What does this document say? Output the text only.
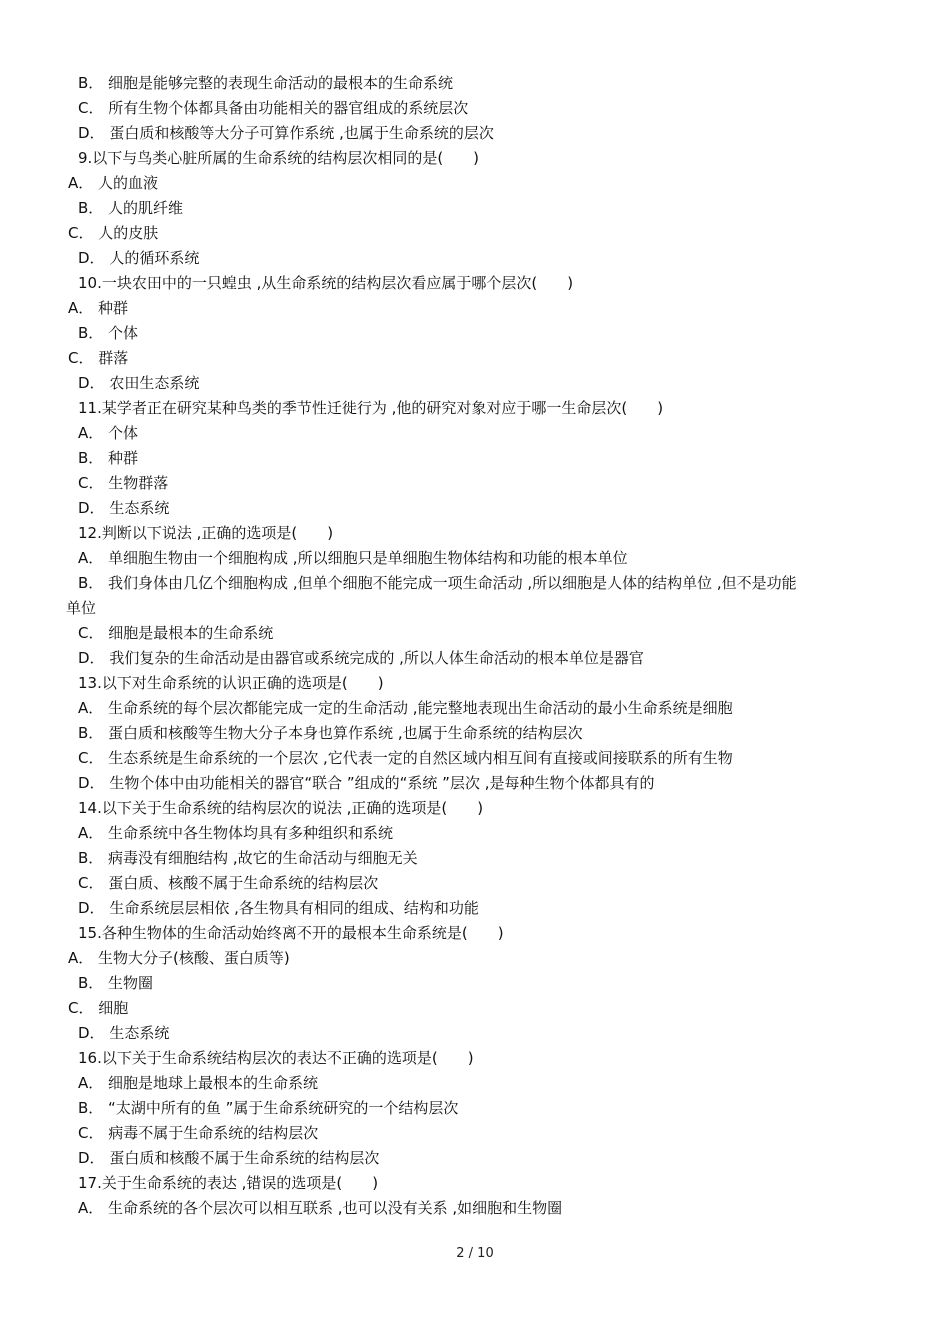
B． 细胞是能够完整的表现生命活动的最根本的生命系统
C． 所有生物个体都具备由功能相关的器官组成的系统层次
D． 蛋白质和核酸等大分子可算作系统 ,也属于生命系统的层次
9.以下与鸟类心脏所属的生命系统的结构层次相同的是(　　)
A． 人的血液
B． 人的肌纤维
C． 人的皮肤
D． 人的循环系统
10.一块农田中的一只蝗虫 ,从生命系统的结构层次看应属于哪个层次(　　)
A． 种群
B． 个体
C． 群落
D． 农田生态系统
11.某学者正在研究某种鸟类的季节性迁徙行为 ,他的研究对象对应于哪一生命层次(　　)
A． 个体
B． 种群
C． 生物群落
D． 生态系统
12.判断以下说法 ,正确的选项是(　　)
A． 单细胞生物由一个细胞构成 ,所以细胞只是单细胞生物体结构和功能的根本单位
B． 我们身体由几亿个细胞构成 ,但单个细胞不能完成一项生命活动 ,所以细胞是人体的结构单位 ,但不是功能
单位
C． 细胞是最根本的生命系统
D． 我们复杂的生命活动是由器官或系统完成的 ,所以人体生命活动的根本单位是器官
13.以下对生命系统的认识正确的选项是(　　)
A． 生命系统的每个层次都能完成一定的生命活动 ,能完整地表现出生命活动的最小生命系统是细胞
B． 蛋白质和核酸等生物大分子本身也算作系统 ,也属于生命系统的结构层次
C． 生态系统是生命系统的一个层次 ,它代表一定的自然区域内相互间有直接或间接联系的所有生物
D． 生物个体中由功能相关的器官“联合 ”组成的“系统 ”层次 ,是每种生物个体都具有的
14.以下关于生命系统的结构层次的说法 ,正确的选项是(　　)
A． 生命系统中各生物体均具有多种组织和系统
B． 病毒没有细胞结构 ,故它的生命活动与细胞无关
C． 蛋白质、核酸不属于生命系统的结构层次
D． 生命系统层层相依 ,各生物具有相同的组成、结构和功能
15.各种生物体的生命活动始终离不开的最根本生命系统是(　　)
A． 生物大分子(核酸、蛋白质等)
B． 生物圈
C． 细胞
D． 生态系统
16.以下关于生命系统结构层次的表达不正确的选项是(　　)
A． 细胞是地球上最根本的生命系统
B． “太湖中所有的鱼 ”属于生命系统研究的一个结构层次
C． 病毒不属于生命系统的结构层次
D． 蛋白质和核酸不属于生命系统的结构层次
17.关于生命系统的表达 ,错误的选项是(　　)
A． 生命系统的各个层次可以相互联系 ,也可以没有关系 ,如细胞和生物圈
2 / 10
